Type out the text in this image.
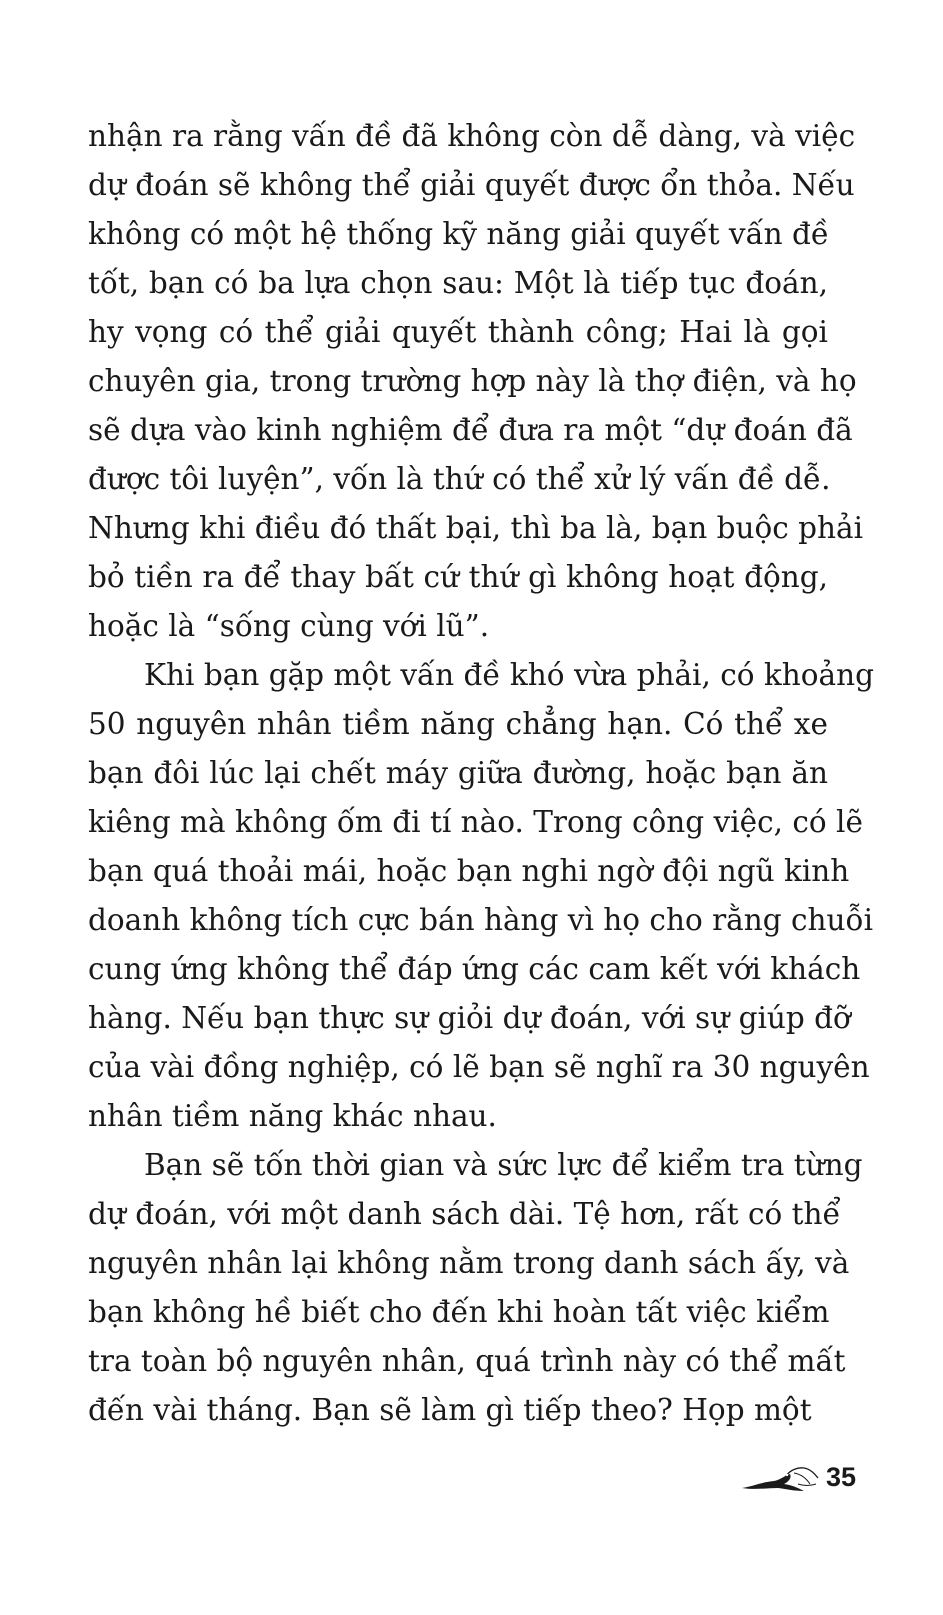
nhận ra rằng vấn đề đã không còn dễ dàng, và việc
dự đoán sẽ không thể giải quyết được ổn thỏa. Nếu
không có một hệ thống kỹ năng giải quyết vấn đề
tốt, bạn có ba lựa chọn sau: Một là tiếp tục đoán,
hy vọng có thể giải quyết thành công; Hai là gọi
chuyên gia, trong trường hợp này là thợ điện, và họ
sẽ dựa vào kinh nghiệm để đưa ra một “dự đoán đã
được tôi luyện”, vốn là thứ có thể xử lý vấn đề dễ.
Nhưng khi điều đó thất bại, thì ba là, bạn buộc phải
bỏ tiền ra để thay bất cứ thứ gì không hoạt động,
hoặc là “sống cùng với lũ”.
Khi bạn gặp một vấn đề khó vừa phải, có khoảng
50 nguyên nhân tiềm năng chẳng hạn. Có thể xe
bạn đôi lúc lại chết máy giữa đường, hoặc bạn ăn
kiêng mà không ốm đi tí nào. Trong công việc, có lẽ
bạn quá thoải mái, hoặc bạn nghi ngờ đội ngũ kinh
doanh không tích cực bán hàng vì họ cho rằng chuỗi
cung ứng không thể đáp ứng các cam kết với khách
hàng. Nếu bạn thực sự giỏi dự đoán, với sự giúp đỡ
của vài đồng nghiệp, có lẽ bạn sẽ nghĩ ra 30 nguyên
nhân tiềm năng khác nhau.
Bạn sẽ tốn thời gian và sức lực để kiểm tra từng
dự đoán, với một danh sách dài. Tệ hơn, rất có thể
nguyên nhân lại không nằm trong danh sách ấy, và
bạn không hề biết cho đến khi hoàn tất việc kiểm
tra toàn bộ nguyên nhân, quá trình này có thể mất
đến vài tháng. Bạn sẽ làm gì tiếp theo? Họp một
35
